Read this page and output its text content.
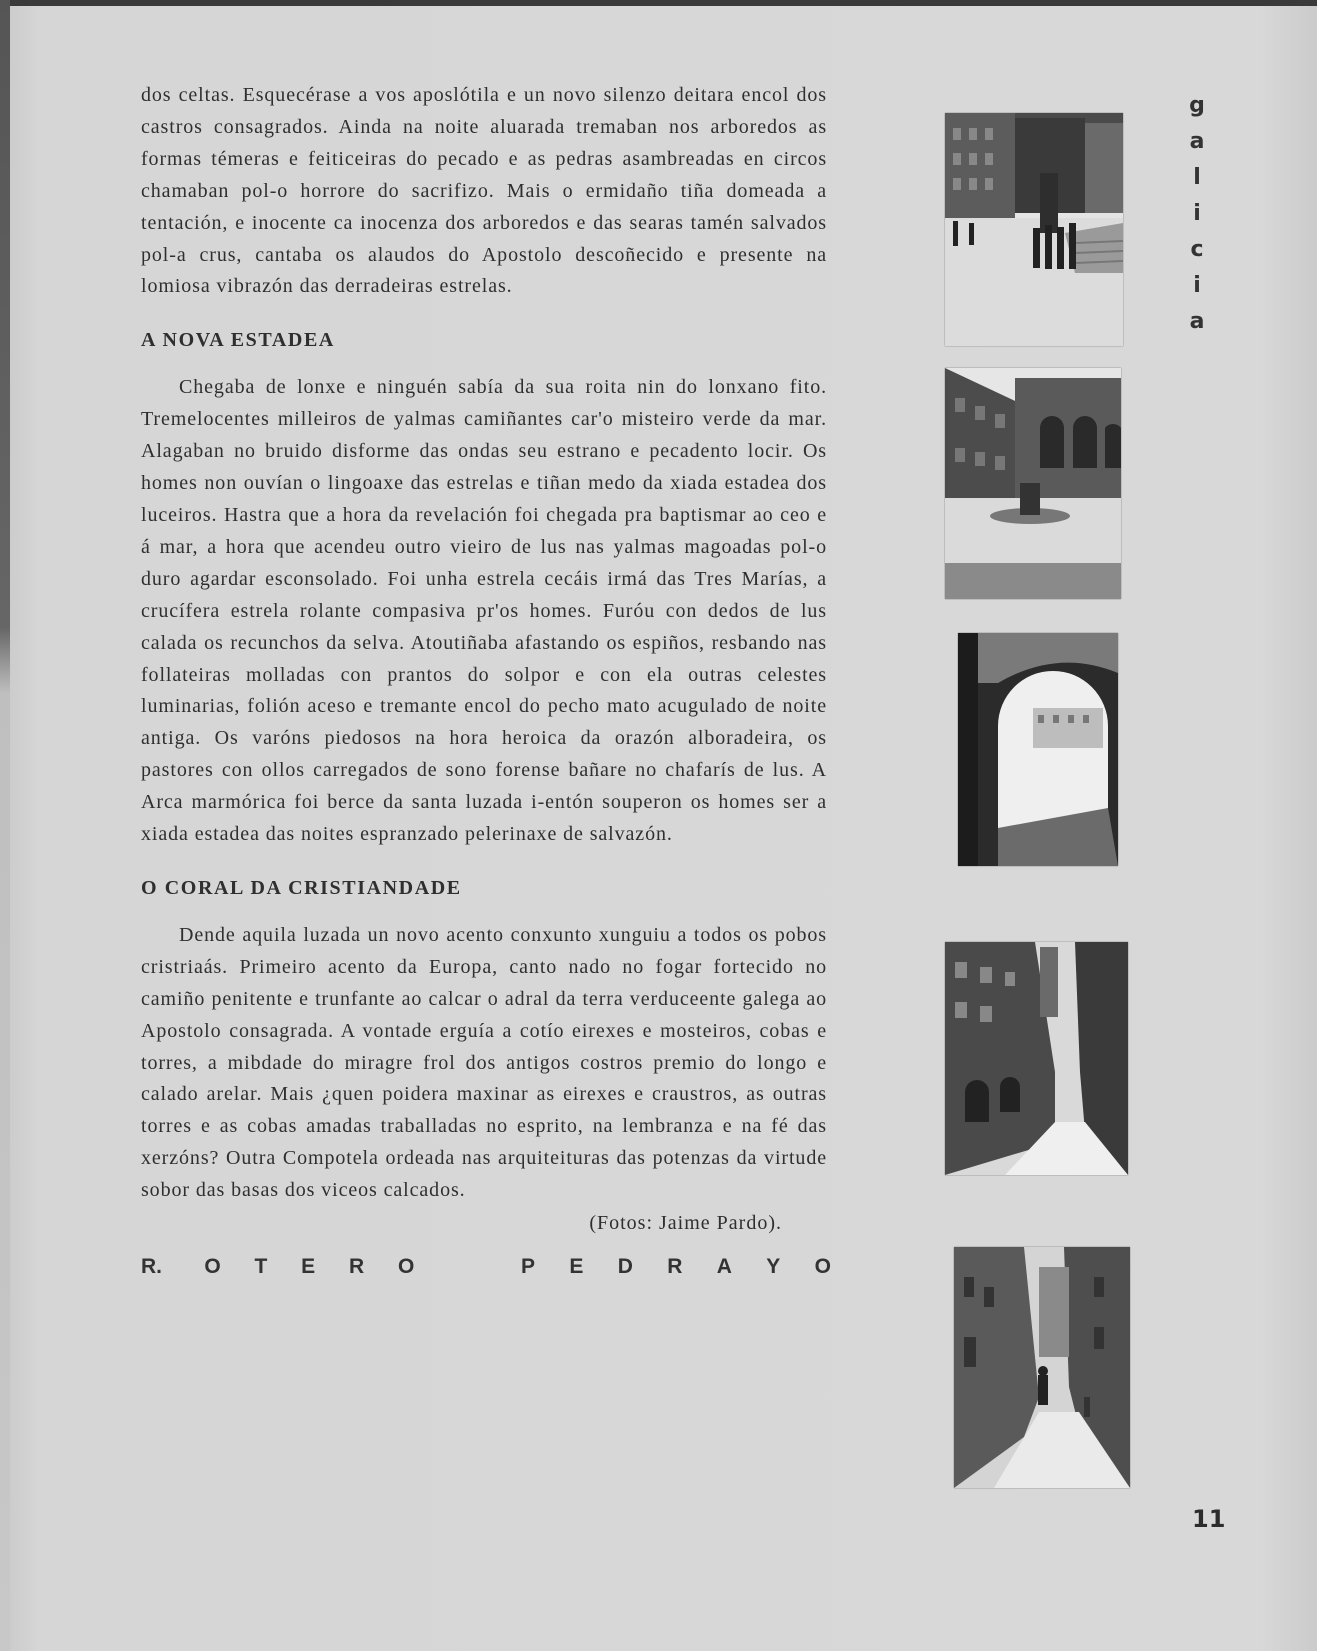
dos celtas. Esquecérase a vos aposlótila e un novo silenzo deitara encol dos castros consagrados. Ainda na noite aluarada tremaban nos arboredos as formas témeras e feiticeiras do pecado e as pedras asambreadas en circos chamaban pol-o horrore do sacrifizo. Mais o ermidaño tiña domeada a tentación, e inocente ca inocenza dos arboredos e das searas tamén salvados pol-a crus, cantaba os alaudos do Apostolo descoñecido e presente na lomiosa vibrazón das derradeiras estrelas.

A NOVA ESTADEA

Chegaba de lonxe e ninguén sabía da sua roita nin do lonxano fito. Tremelocentes milleiros de yalmas camiñantes car'o misteiro verde da mar. Alagaban no bruido disforme das ondas seu estrano e pecadento locir. Os homes non ouvían o lingoaxe das estrelas e tiñan medo da xiada estadea dos luceiros. Hastra que a hora da revelación foi chegada pra baptismar ao ceo e á mar, a hora que acendeu outro vieiro de lus nas yalmas magoadas pol-o duro agardar esconsolado. Foi unha estrela cecáis irmá das Tres Marías, a crucífera estrela rolante compasiva pr'os homes. Furóu con dedos de lus calada os recunchos da selva. Atoutiñaba afastando os espiños, resbando nas follateiras molladas con prantos do solpor e con ela outras celestes luminarias, folión aceso e tremante encol do pecho mato acugulado de noite antiga. Os varóns piedosos na hora heroica da orazón alboradeira, os pastores con ollos carregados de sono forense bañare no chafarís de lus. A Arca marmórica foi berce da santa luzada i-entón souperon os homes ser a xiada estadea das noites espranzado pelerinaxe de salvazón.

O CORAL DA CRISTIANDADE

Dende aquila luzada un novo acento conxunto xunguiu a todos os pobos cristriaás. Primeiro acento da Europa, canto nado no fogar fortecido no camiño penitente e trunfante ao calcar o adral da terra verduceente galega ao Apostolo consagrada. A vontade erguía a cotío eirexes e mosteiros, cobas e torres, a mibdade do miragre frol dos antigos costros premio do longo e calado arelar. Mais ¿quen poidera maxinar as eirexes e craustros, as outras torres e as cobas amadas traballadas no esprito, na lembranza e na fé das xerzóns? Outra Compotela ordeada nas arquiteituras das potenzas da virtude sobor das basas dos viceos calcados.

(Fotos: Jaime Pardo).

R. O T E R O	P E D R A Y O
g
a
l
i
c
i
a
11
